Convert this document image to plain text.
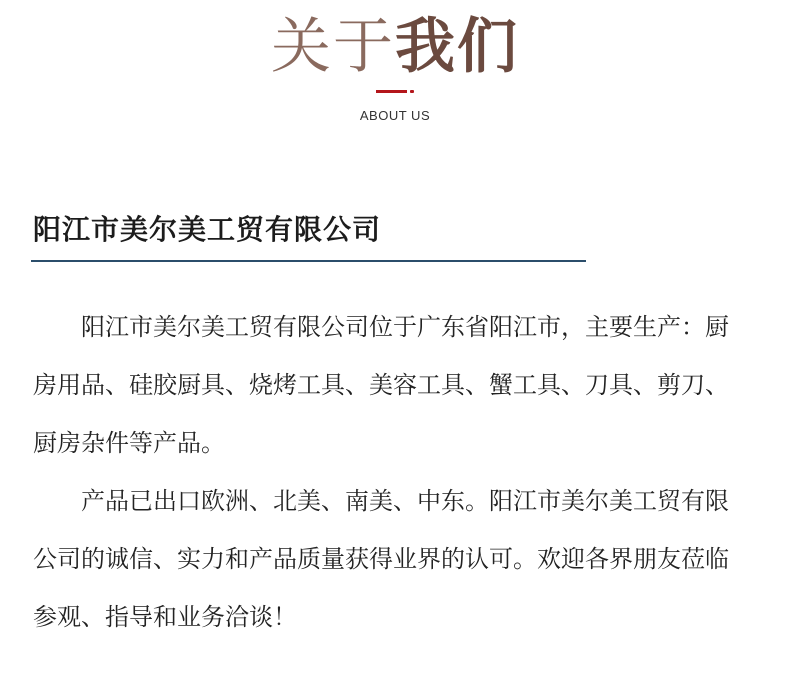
关于我们
ABOUT US
阳江市美尔美工贸有限公司

阳江市美尔美工贸有限公司位于广东省阳江市，主要生产：厨房用品、硅胶厨具、烧烤工具、美容工具、蟹工具、刀具、剪刀、厨房杂件等产品。

产品已出口欧洲、北美、南美、中东。阳江市美尔美工贸有限公司的诚信、实力和产品质量获得业界的认可。欢迎各界朋友莅临参观、指导和业务洽谈！
